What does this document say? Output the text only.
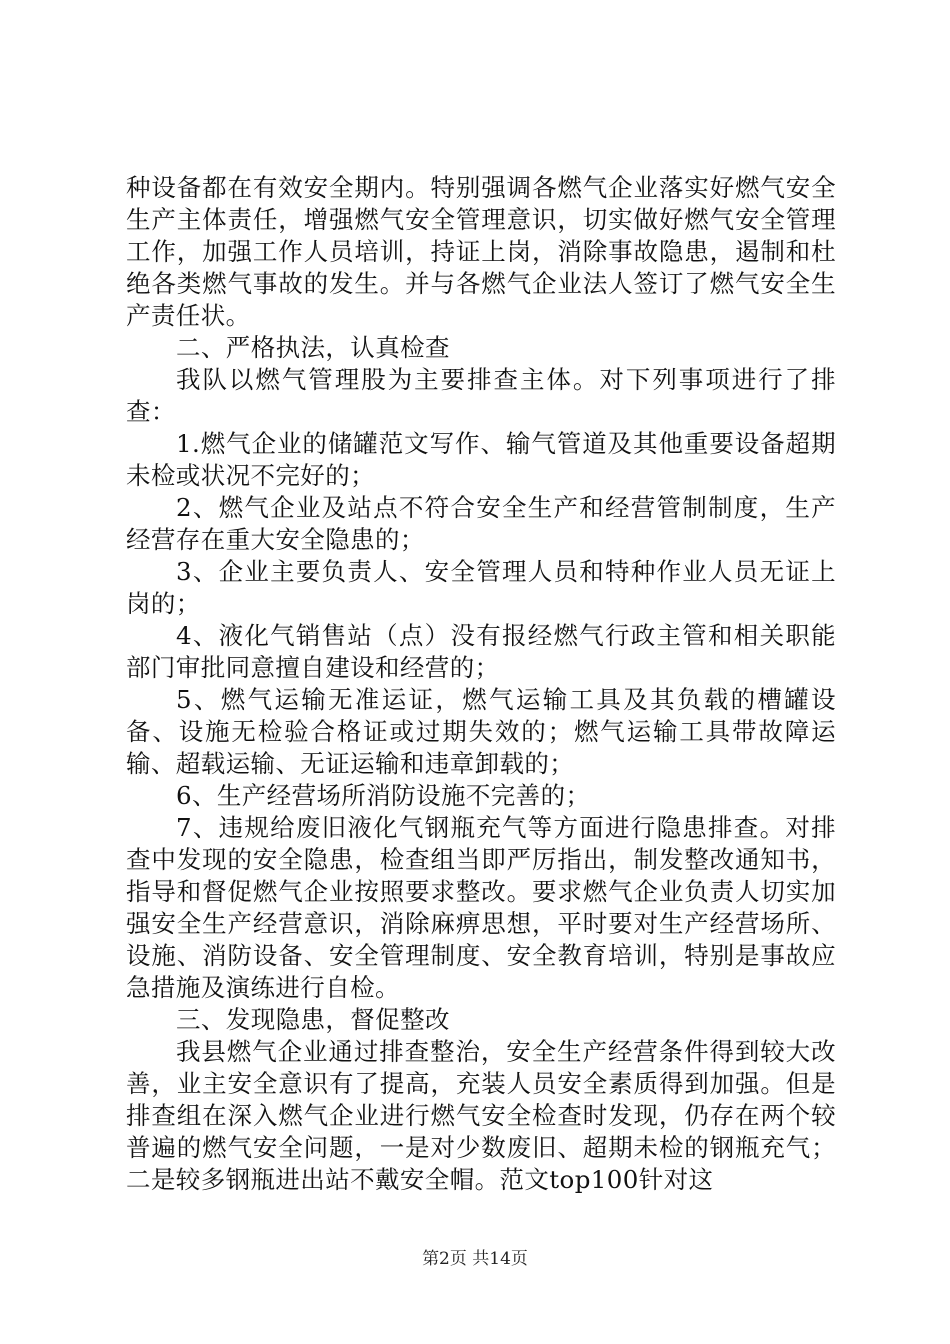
种设备都在有效安全期内。特别强调各燃气企业落实好燃气安全生产主体责任，增强燃气安全管理意识，切实做好燃气安全管理工作，加强工作人员培训，持证上岗，消除事故隐患，遏制和杜绝各类燃气事故的发生。并与各燃气企业法人签订了燃气安全生产责任状。

二、严格执法，认真检查

我队以燃气管理股为主要排查主体。对下列事项进行了排查：

1.燃气企业的储罐范文写作、输气管道及其他重要设备超期未检或状况不完好的；

2、燃气企业及站点不符合安全生产和经营管制制度，生产经营存在重大安全隐患的；

3、企业主要负责人、安全管理人员和特种作业人员无证上岗的；

4、液化气销售站（点）没有报经燃气行政主管和相关职能部门审批同意擅自建设和经营的；

5、燃气运输无准运证，燃气运输工具及其负载的槽罐设备、设施无检验合格证或过期失效的；燃气运输工具带故障运输、超载运输、无证运输和违章卸载的；

6、生产经营场所消防设施不完善的；

7、违规给废旧液化气钢瓶充气等方面进行隐患排查。对排查中发现的安全隐患，检查组当即严厉指出，制发整改通知书，指导和督促燃气企业按照要求整改。要求燃气企业负责人切实加强安全生产经营意识，消除麻痹思想，平时要对生产经营场所、设施、消防设备、安全管理制度、安全教育培训，特别是事故应急措施及演练进行自检。

三、发现隐患，督促整改

我县燃气企业通过排查整治，安全生产经营条件得到较大改善，业主安全意识有了提高，充装人员安全素质得到加强。但是排查组在深入燃气企业进行燃气安全检查时发现，仍存在两个较普遍的燃气安全问题，一是对少数废旧、超期未检的钢瓶充气；二是较多钢瓶进出站不戴安全帽。范文top100针对这

第2页 共14页
